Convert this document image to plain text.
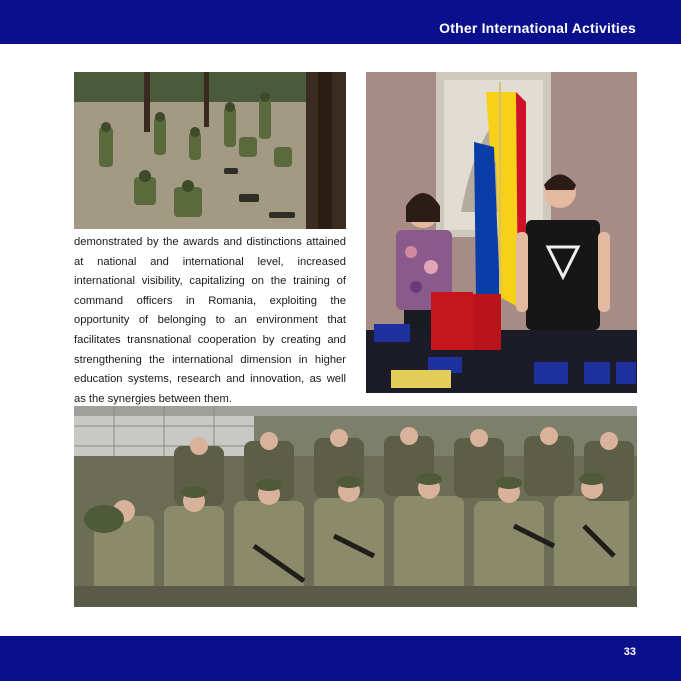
Other International Activities

demonstrated by the awards and distinctions attained at national and international level, increased international visibility, capitalizing on the training of command officers in Romania, exploiting the opportunity of belonging to an environment that facilitates transnational cooperation by creating and strengthening the international dimension in higher education systems, research and innovation, as well as the synergies between them.

33
